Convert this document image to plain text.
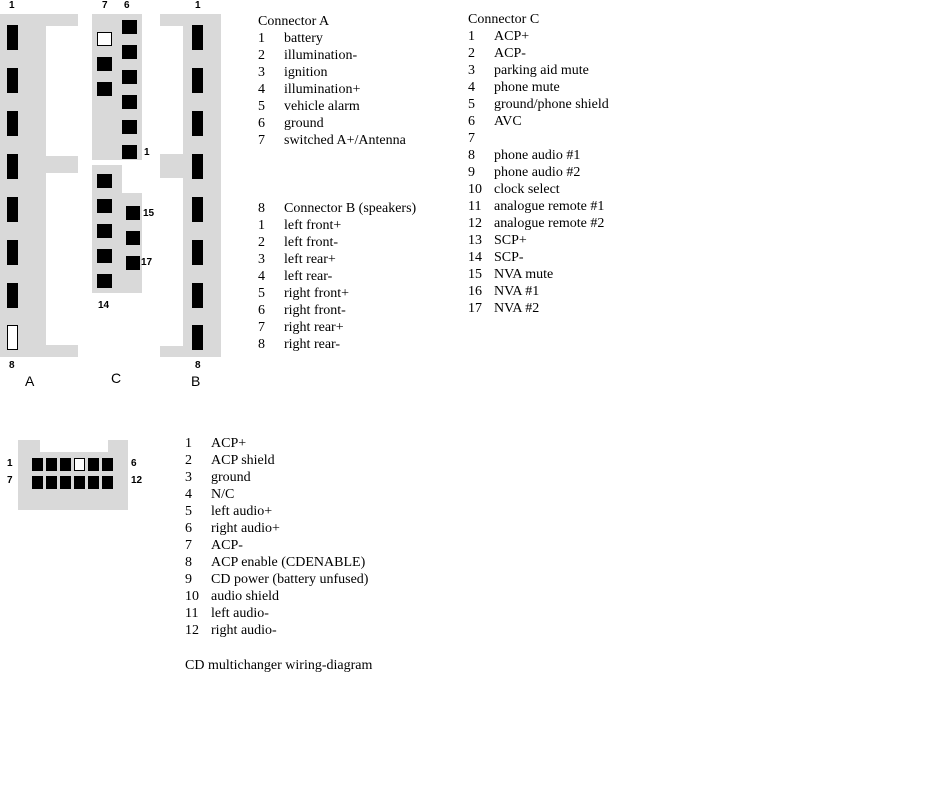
1
8
A
7 6
1
15
17
14
C
1
8
B
1
7
6
12
Connector A
1 battery
2 illumination-
3 ignition
4 illumination+
5 vehicle alarm
6 ground
7 switched A+/Antenna
8 Connector B (speakers)
1 left front+
2 left front-
3 left rear+
4 left rear-
5 right front+
6 right front-
7 right rear+
8 right rear-
Connector C
1 ACP+
2 ACP-
3 parking aid mute
4 phone mute
5 ground/phone shield
6 AVC
7
8 phone audio #1
9 phone audio #2
10 clock select
11 analogue remote #1
12 analogue remote #2
13 SCP+
14 SCP-
15 NVA mute
16 NVA #1
17 NVA #2
1 ACP+
2 ACP shield
3 ground
4 N/C
5 left audio+
6 right audio+
7 ACP-
8 ACP enable (CDENABLE)
9 CD power (battery unfused)
10 audio shield
11 left audio-
12 right audio-
CD multichanger wiring-diagram
